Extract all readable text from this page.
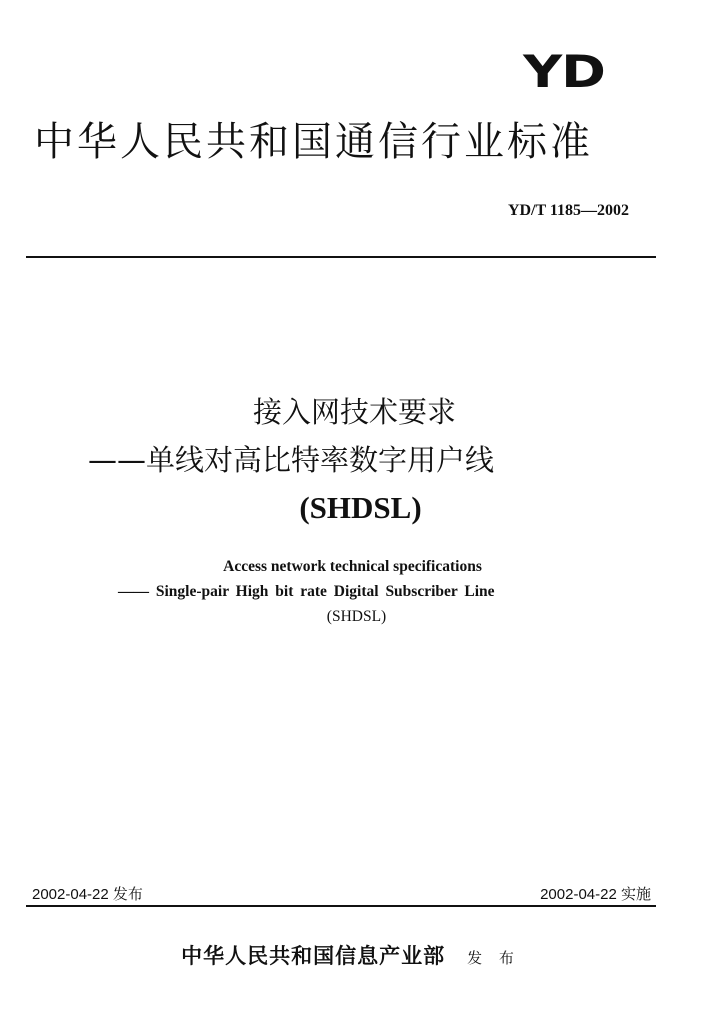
YD
中华人民共和国通信行业标准
YD/T 1185—2002
接入网技术要求
——单线对高比特率数字用户线
(SHDSL)
Access network technical specifications
—— Single-pair High bit rate Digital Subscriber Line
(SHDSL)
2002-04-22 发布	2002-04-22 实施
中华人民共和国信息产业部 发 布
